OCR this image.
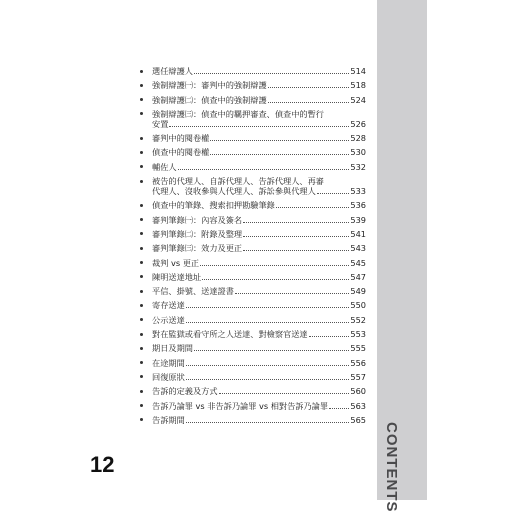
選任辯護人	514
強制辯護㈠：審判中的強制辯護	518
強制辯護㈡：偵查中的強制辯護	524
強制辯護㈢：偵查中的羈押審查、偵查中的暫行
安置	526
審判中的閱卷權	528
偵查中的閱卷權	530
輔佐人	532
被告的代理人、自訴代理人、告訴代理人、再審
代理人、沒收參與人代理人、訴訟參與代理人	533
偵查中的筆錄、搜索扣押勘驗筆錄	536
審判筆錄㈠：內容及簽名	539
審判筆錄㈡：附錄及整理	541
審判筆錄㈢：效力及更正	543
裁判 vs 更正	545
陳明送達地址	547
平信、掛號、送達證書	549
寄存送達	550
公示送達	552
對在監獄或看守所之人送達、對檢察官送達	553
期日及期間	555
在途期間	556
回復原狀	557
告訴的定義及方式	560
告訴乃論罪 vs 非告訴乃論罪 vs 相對告訴乃論罪	563
告訴期間	565
CONTENTS
12
